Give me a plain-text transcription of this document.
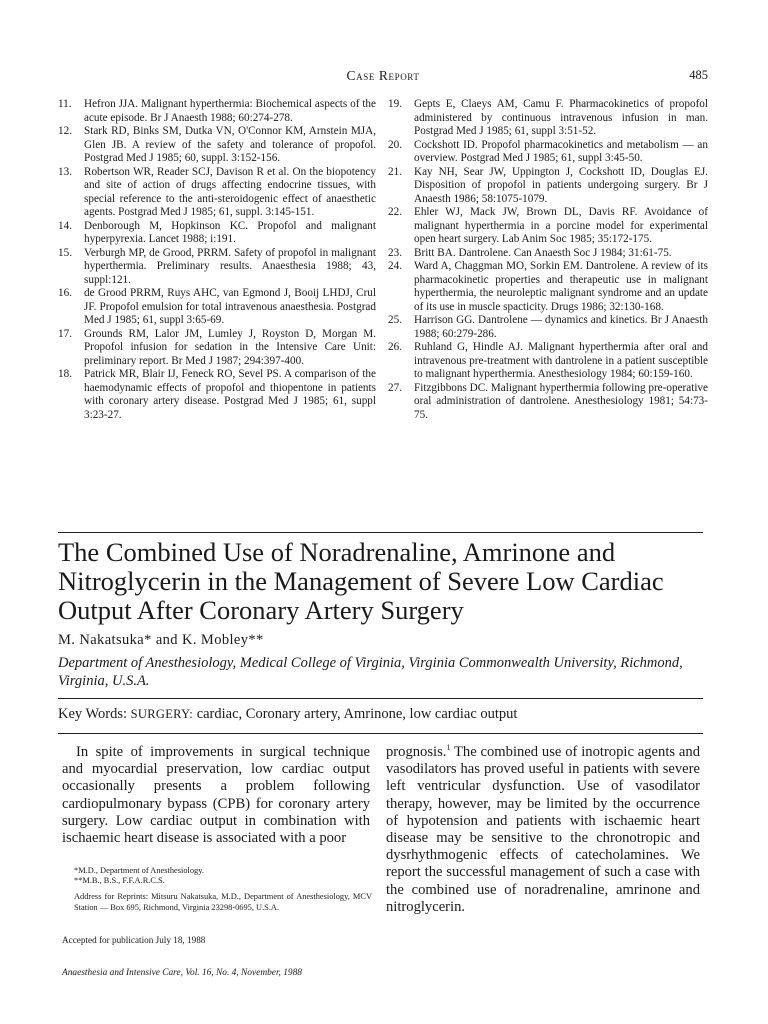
Case Report	485
11.	Hefron JJA. Malignant hyperthermia: Biochemical aspects of the acute episode. Br J Anaesth 1988; 60:274-278.
12.	Stark RD, Binks SM, Dutka VN, O'Connor KM, Arnstein MJA, Glen JB. A review of the safety and tolerance of propofol. Postgrad Med J 1985; 60, suppl. 3:152-156.
13.	Robertson WR, Reader SCJ, Davison R et al. On the biopotency and site of action of drugs affecting endocrine tissues, with special reference to the anti-steroidogenic effect of anaesthetic agents. Postgrad Med J 1985; 61, suppl. 3:145-151.
14.	Denborough M, Hopkinson KC. Propofol and malignant hyperpyrexia. Lancet 1988; i:191.
15.	Verburgh MP, de Grood, PRRM. Safety of propofol in malignant hyperthermia. Preliminary results. Anaesthesia 1988; 43, suppl:121.
16.	de Grood PRRM, Ruys AHC, van Egmond J, Booij LHDJ, Crul JF. Propofol emulsion for total intravenous anaesthesia. Postgrad Med J 1985; 61, suppl 3:65-69.
17.	Grounds RM, Lalor JM, Lumley J, Royston D, Morgan M. Propofol infusion for sedation in the Intensive Care Unit: preliminary report. Br Med J 1987; 294:397-400.
18.	Patrick MR, Blair IJ, Feneck RO, Sevel PS. A comparison of the haemodynamic effects of propofol and thiopentone in patients with coronary artery disease. Postgrad Med J 1985; 61, suppl 3:23-27.
19.	Gepts E, Claeys AM, Camu F. Pharmacokinetics of propofol administered by continuous intravenous infusion in man. Postgrad Med J 1985; 61, suppl 3:51-52.
20.	Cockshott ID. Propofol pharmacokinetics and metabolism — an overview. Postgrad Med J 1985; 61, suppl 3:45-50.
21.	Kay NH, Sear JW, Uppington J, Cockshott ID, Douglas EJ. Disposition of propofol in patients undergoing surgery. Br J Anaesth 1986; 58:1075-1079.
22.	Ehler WJ, Mack JW, Brown DL, Davis RF. Avoidance of malignant hyperthermia in a porcine model for experimental open heart surgery. Lab Anim Soc 1985; 35:172-175.
23.	Britt BA. Dantrolene. Can Anaesth Soc J 1984; 31:61-75.
24.	Ward A, Chaggman MO, Sorkin EM. Dantrolene. A review of its pharmacokinetic properties and therapeutic use in malignant hyperthermia, the neuroleptic malignant syndrome and an update of its use in muscle spacticity. Drugs 1986; 32:130-168.
25.	Harrison GG. Dantrolene — dynamics and kinetics. Br J Anaesth 1988; 60:279-286.
26.	Ruhland G, Hindle AJ. Malignant hyperthermia after oral and intravenous pre-treatment with dantrolene in a patient susceptible to malignant hyperthermia. Anesthesiology 1984; 60:159-160.
27.	Fitzgibbons DC. Malignant hyperthermia following pre-operative oral administration of dantrolene. Anesthesiology 1981; 54:73-75.
The Combined Use of Noradrenaline, Amrinone and Nitroglycerin in the Management of Severe Low Cardiac Output After Coronary Artery Surgery
M. Nakatsuka* and K. Mobley**
Department of Anesthesiology, Medical College of Virginia, Virginia Commonwealth University, Richmond, Virginia, U.S.A.
Key Words: SURGERY: cardiac, Coronary artery, Amrinone, low cardiac output

In spite of improvements in surgical technique and myocardial preservation, low cardiac output occasionally presents a problem following cardiopulmonary bypass (CPB) for coronary artery surgery. Low cardiac output in combination with ischaemic heart disease is associated with a poor

prognosis.$^1$ The combined use of inotropic agents and vasodilators has proved useful in patients with severe left ventricular dysfunction. Use of vasodilator therapy, however, may be limited by the occurrence of hypotension and patients with ischaemic heart disease may be sensitive to the chronotropic and dysrhythmogenic effects of catecholamines. We report the successful management of such a case with the combined use of noradrenaline, amrinone and nitroglycerin.

*M.D., Department of Anesthesiology.
**M.B., B.S., F.F.A.R.C.S.
Address for Reprints: Mitsuru Nakatsuka, M.D., Department of Anesthesiology, MCV Station — Box 695, Richmond, Virginia 23298-0695, U.S.A.
Accepted for publication July 18, 1988
Anaesthesia and Intensive Care, Vol. 16, No. 4, November, 1988
